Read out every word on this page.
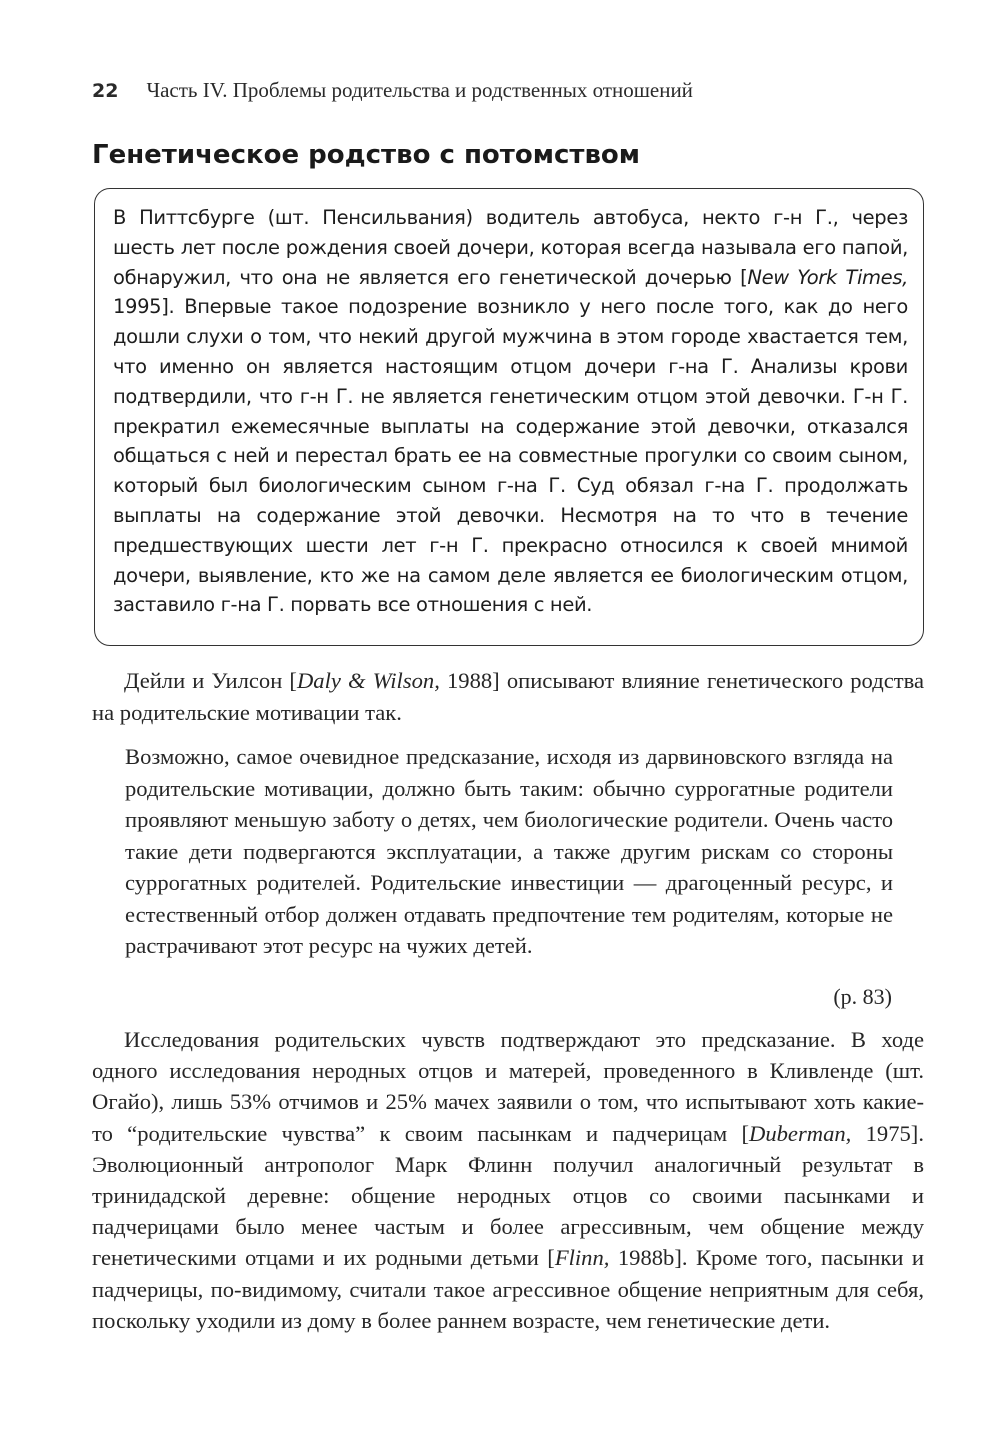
22 Часть IV. Проблемы родительства и родственных отношений
Генетическое родство с потомством

В Питтсбурге (шт. Пенсильвания) водитель автобуса, некто г-н Г., через шесть лет после рождения своей дочери, которая всегда называла его папой, обнаружил, что она не является его генетической дочерью [New York Times, 1995]. Впервые такое подозрение возникло у него после того, как до него дошли слухи о том, что некий другой мужчина в этом городе хвастается тем, что именно он является настоящим отцом дочери г-на Г. Анализы крови подтвердили, что г-н Г. не является генетическим отцом этой девочки. Г-н Г. прекратил ежемесячные выплаты на содержание этой девочки, отказался общаться с ней и перестал брать ее на совместные прогулки со своим сыном, который был биологическим сыном г-на Г. Суд обязал г-на Г. продолжать выплаты на содержание этой девочки. Несмотря на то что в течение предшествующих шести лет г-н Г. прекрасно относился к своей мнимой дочери, выявление, кто же на самом деле является ее биологическим отцом, заставило г-на Г. порвать все отношения с ней.

Дейли и Уилсон [Daly & Wilson, 1988] описывают влияние генетического родства на родительские мотивации так.

Возможно, самое очевидное предсказание, исходя из дарвиновского взгляда на родительские мотивации, должно быть таким: обычно суррогатные родители проявляют меньшую заботу о детях, чем биологические родители. Очень часто такие дети подвергаются эксплуатации, а также другим рискам со стороны суррогатных родителей. Родительские инвестиции — драгоценный ресурс, и естественный отбор должен отдавать предпочтение тем родителям, которые не растрачивают этот ресурс на чужих детей.

(p. 83)

Исследования родительских чувств подтверждают это предсказание. В ходе одного исследования неродных отцов и матерей, проведенного в Кливленде (шт. Огайо), лишь 53% отчимов и 25% мачех заявили о том, что испытывают хоть какие-то “родительские чувства” к своим пасынкам и падчерицам [Duberman, 1975]. Эволюционный антрополог Марк Флинн получил аналогичный результат в тринидадской деревне: общение неродных отцов со своими пасынками и падчерицами было менее частым и более агрессивным, чем общение между генетическими отцами и их родными детьми [Flinn, 1988b]. Кроме того, пасынки и падчерицы, по-видимому, считали такое агрессивное общение неприятным для себя, поскольку уходили из дому в более раннем возрасте, чем генетические дети.
